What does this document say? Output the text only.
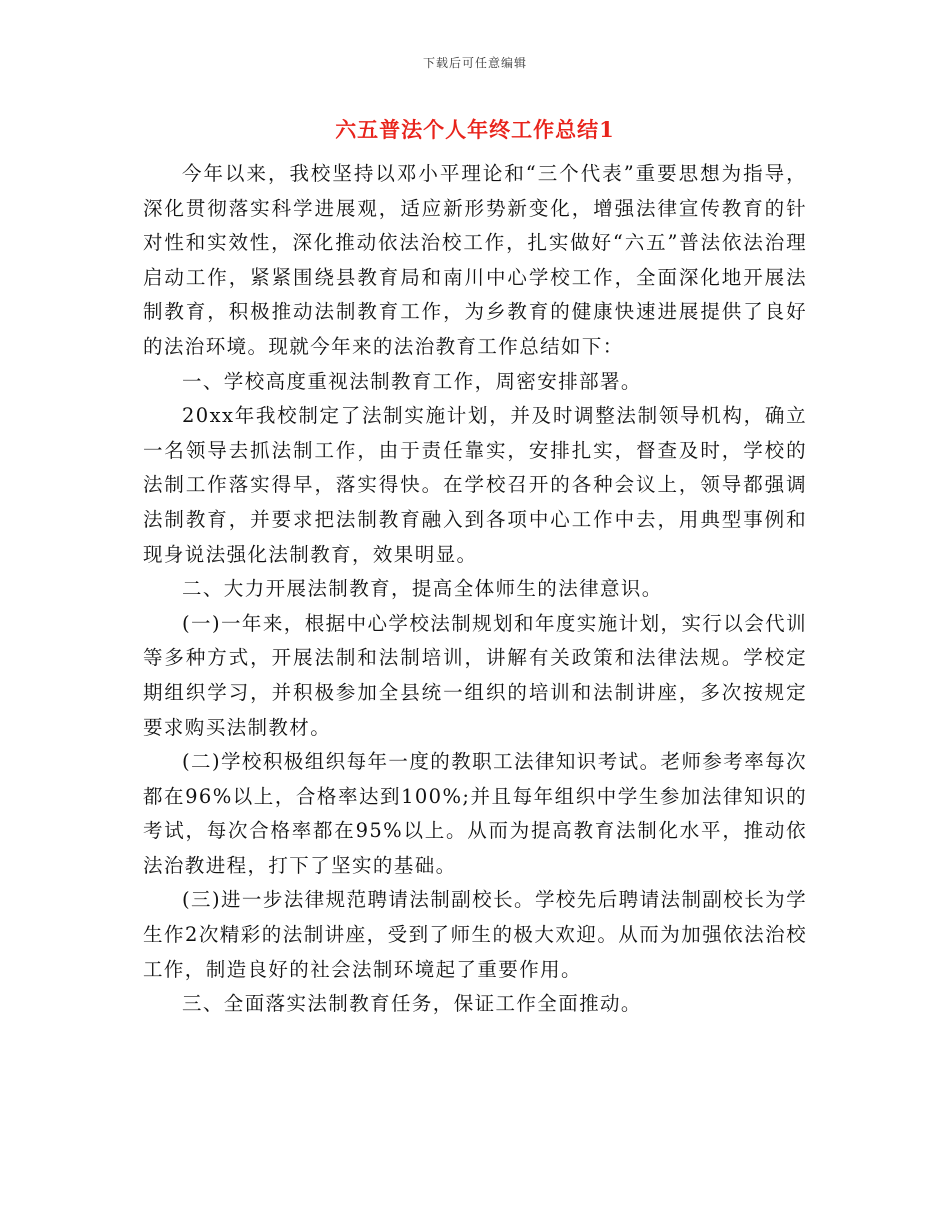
下载后可任意编辑
六五普法个人年终工作总结1

今年以来，我校坚持以邓小平理论和“三个代表”重要思想为指导，深化贯彻落实科学进展观，适应新形势新变化，增强法律宣传教育的针对性和实效性，深化推动依法治校工作，扎实做好“六五”普法依法治理启动工作，紧紧围绕县教育局和南川中心学校工作，全面深化地开展法制教育，积极推动法制教育工作，为乡教育的健康快速进展提供了良好的法治环境。现就今年来的法治教育工作总结如下：

一、学校高度重视法制教育工作，周密安排部署。

20xx年我校制定了法制实施计划，并及时调整法制领导机构，确立一名领导去抓法制工作，由于责任靠实，安排扎实，督查及时，学校的法制工作落实得早，落实得快。在学校召开的各种会议上，领导都强调法制教育，并要求把法制教育融入到各项中心工作中去，用典型事例和现身说法强化法制教育，效果明显。

二、大力开展法制教育，提高全体师生的法律意识。

(一)一年来，根据中心学校法制规划和年度实施计划，实行以会代训等多种方式，开展法制和法制培训，讲解有关政策和法律法规。学校定期组织学习，并积极参加全县统一组织的培训和法制讲座，多次按规定要求购买法制教材。

(二)学校积极组织每年一度的教职工法律知识考试。老师参考率每次都在96%以上，合格率达到100%;并且每年组织中学生参加法律知识的考试，每次合格率都在95%以上。从而为提高教育法制化水平，推动依法治教进程，打下了坚实的基础。

(三)进一步法律规范聘请法制副校长。学校先后聘请法制副校长为学生作2次精彩的法制讲座，受到了师生的极大欢迎。从而为加强依法治校工作，制造良好的社会法制环境起了重要作用。

三、全面落实法制教育任务，保证工作全面推动。
